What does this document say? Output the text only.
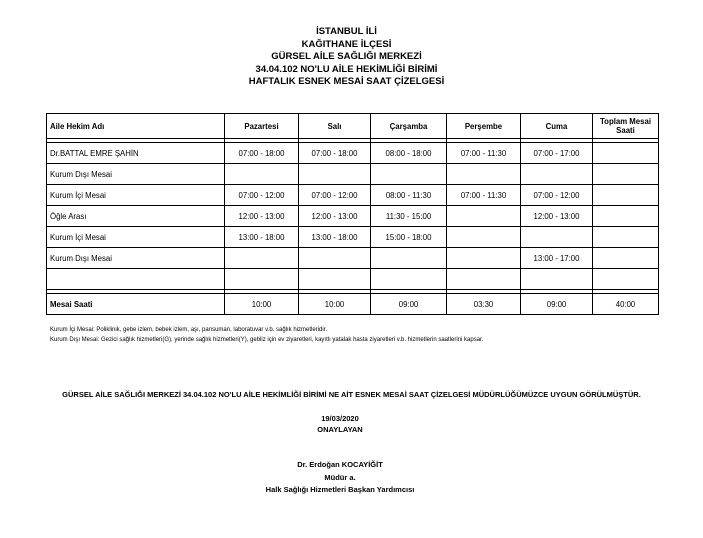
İSTANBUL İLİ
KAĞITHANE İLÇESİ
GÜRSEL AİLE SAĞLIĞI MERKEZİ
34.04.102 NO'LU AİLE HEKİMLİĞİ BİRİMİ
HAFTALIK ESNEK MESAİ SAAT ÇİZELGESİ
Aile Hekim Adı	Pazartesi	Salı	Çarşamba	Perşembe	Cuma	Toplam Mesai Saati

Dr.BATTAL EMRE ŞAHİN	07:00 - 18:00	07:00 - 18:00	08:00 - 18:00	07:00 - 11:30	07:00 - 17:00	
Kurum Dışı Mesai						
Kurum İçi Mesai	07:00 - 12:00	07:00 - 12:00	08:00 - 11:30	07:00 - 11:30	07:00 - 12:00	
Öğle Arası	12:00 - 13:00	12:00 - 13:00	11:30 - 15:00		12:00 - 13:00	
Kurum İçi Mesai	13:00 - 18:00	13:00 - 18:00	15:00 - 18:00			
Kurum Dışı Mesai					13:00 - 17:00	

Mesai Saati	10:00	10:00	09:00	03:30	09:00	40:00
Kurum İçi Mesai: Poliklinik, gebe izlem, bebek izlem, aşı, pansuman, laboratuvar v.b. sağlık hizmetleridir.
Kurum Dışı Mesai: Gezici sağlık hizmetleri(G), yerinde sağlık hizmetleri(Y), gebliz için ev ziyaretleri, kayıtlı yatalak hasta ziyaretleri v.b. hizmetlerin saatlerini kapsar.
GÜRSEL AİLE SAĞLIĞI MERKEZİ 34.04.102 NO'LU AİLE HEKİMLİĞİ BİRİMİ NE AİT ESNEK MESAİ SAAT ÇİZELGESİ MÜDÜRLÜĞÜMÜZCE UYGUN GÖRÜLMÜŞTÜR.
19/03/2020
ONAYLAYAN
Dr. Erdoğan KOCAYİĞİT
Müdür a.
Halk Sağlığı Hizmetleri Başkan Yardımcısı
